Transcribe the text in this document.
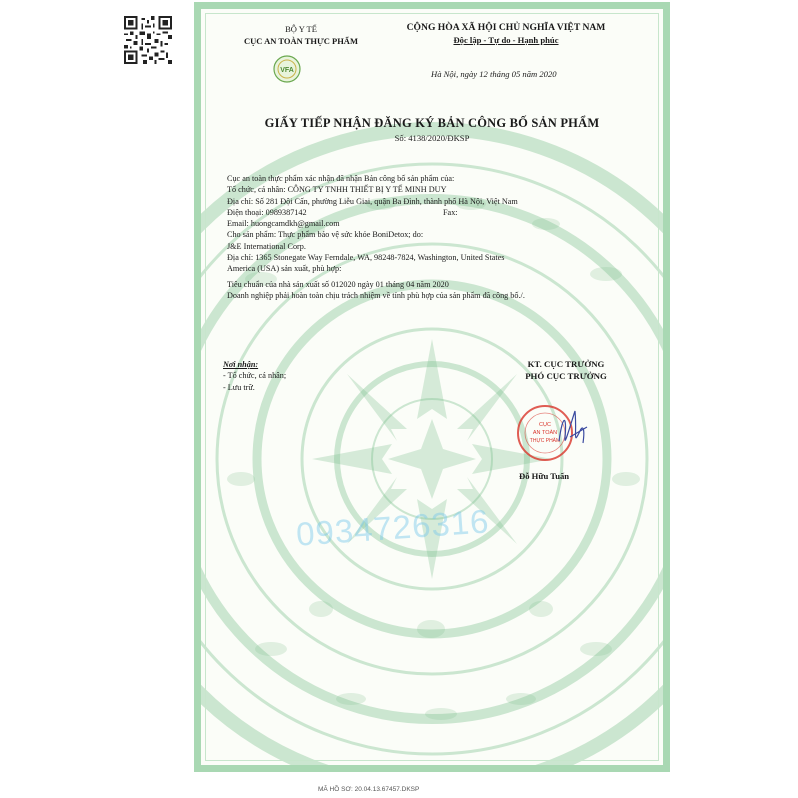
BỘ Y TẾ
CỤC AN TOÀN THỰC PHẨM
VFA
CỘNG HÒA XÃ HỘI CHỦ NGHĨA VIỆT NAM
Độc lập - Tự do - Hạnh phúc
Hà Nội, ngày 12 tháng 05 năm 2020
GIẤY TIẾP NHẬN ĐĂNG KÝ BẢN CÔNG BỐ SẢN PHẨM
Số: 4138/2020/ĐKSP
Cục an toàn thực phẩm xác nhận đã nhận Bản công bố sản phẩm của:
Tổ chức, cá nhân: CÔNG TY TNHH THIẾT BỊ Y TẾ MINH DUY
Địa chỉ: Số 281 Đội Cấn, phường Liễu Giai, quận Ba Đình, thành phố Hà Nội, Việt Nam
Điện thoại: 0989387142	Fax:
Email: huongcamdkh@gmail.com
Cho sản phẩm: Thực phẩm bảo vệ sức khỏe BoniDetox; do:
J&E International Corp.
Địa chỉ: 1365 Stonegate Way Ferndale, WA, 98248-7824, Washington, United States
America (USA) sản xuất, phù hợp:
Tiêu chuẩn của nhà sản xuất số 012020 ngày 01 tháng 04 năm 2020
Doanh nghiệp phải hoàn toàn chịu trách nhiệm về tính phù hợp của sản phẩm đã công bố./.
Nơi nhận:
- Tổ chức, cá nhân;
- Lưu trữ.
KT. CỤC TRƯỞNG
PHÓ CỤC TRƯỞNG
CỤC
AN TOÀN
THỰC PHẨM
Đỗ Hữu Tuấn
0934726316
MÃ HỒ SƠ: 20.04.13.67457.DKSP
